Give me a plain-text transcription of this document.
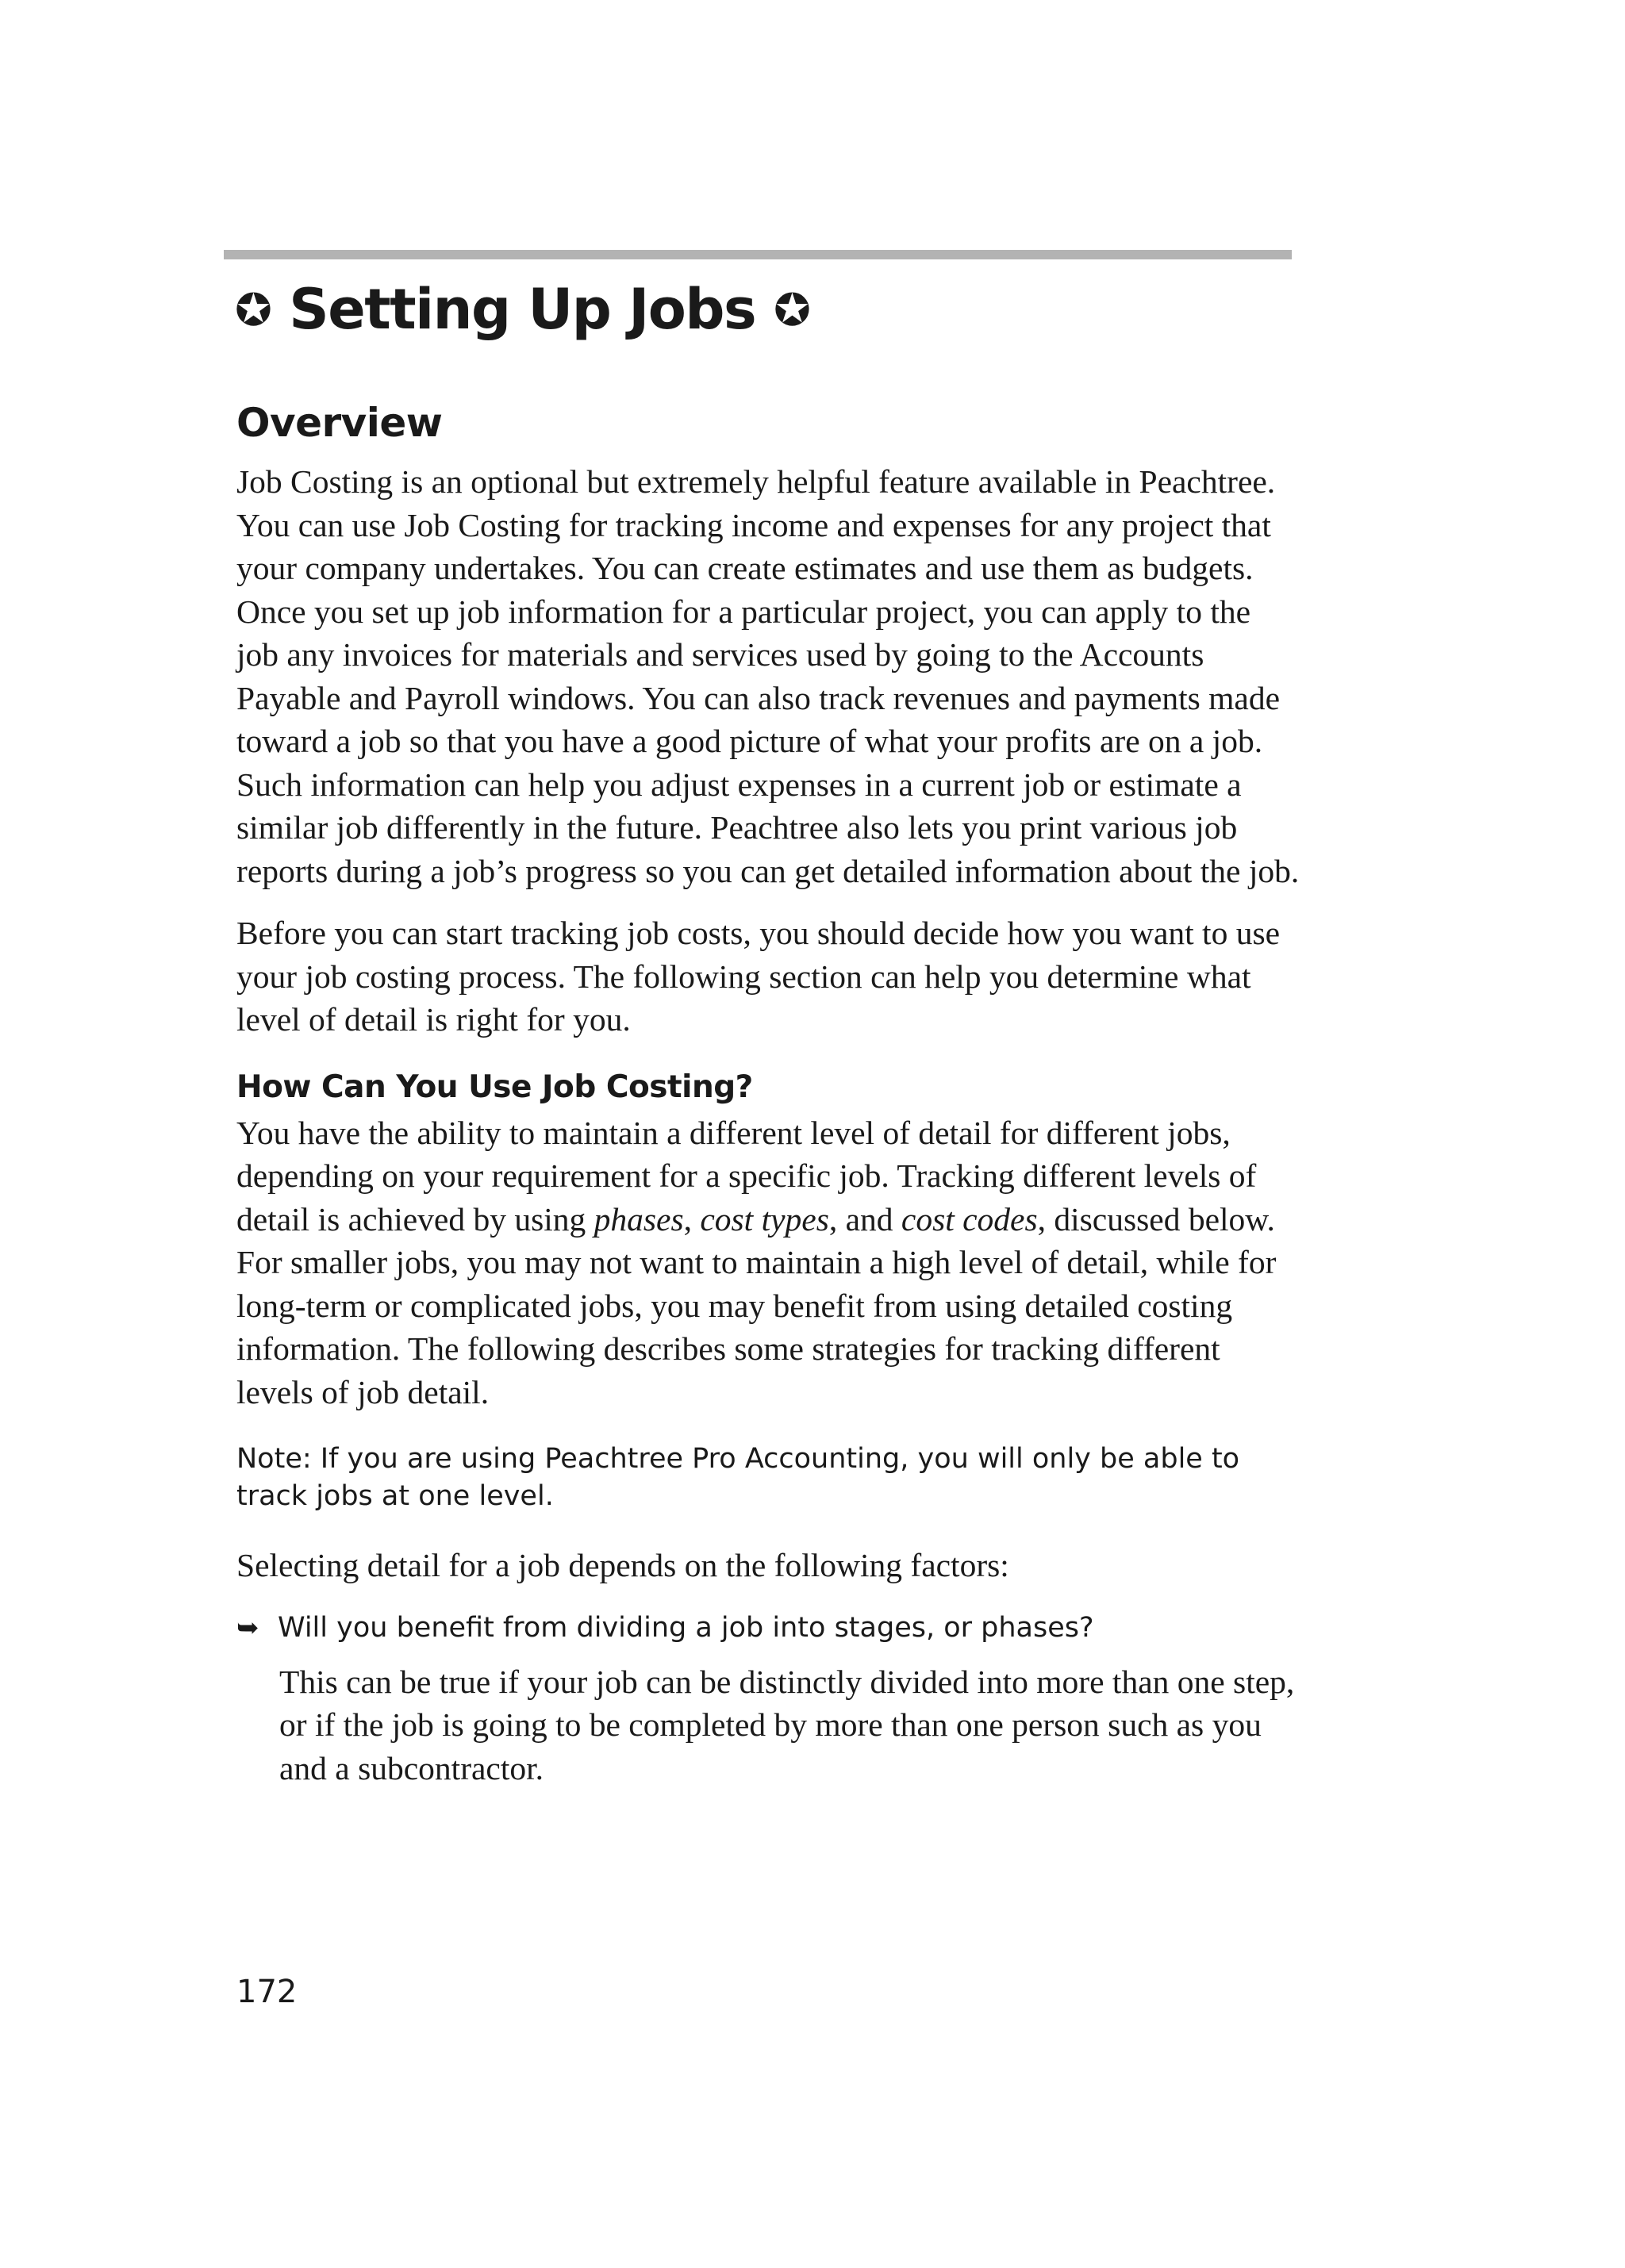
✪ Setting Up Jobs ✪
Overview

Job Costing is an optional but extremely helpful feature available in Peachtree. You can use Job Costing for tracking income and expenses for any project that your company undertakes. You can create estimates and use them as budgets. Once you set up job information for a particular project, you can apply to the job any invoices for materials and services used by going to the Accounts Payable and Payroll windows. You can also track revenues and payments made toward a job so that you have a good picture of what your profits are on a job. Such information can help you adjust expenses in a current job or estimate a similar job differently in the future. Peachtree also lets you print various job reports during a job’s progress so you can get detailed information about the job.

Before you can start tracking job costs, you should decide how you want to use your job costing process. The following section can help you determine what level of detail is right for you.

How Can You Use Job Costing?

You have the ability to maintain a different level of detail for different jobs, depending on your requirement for a specific job. Tracking different levels of detail is achieved by using phases, cost types, and cost codes, discussed below. For smaller jobs, you may not want to maintain a high level of detail, while for long-term or complicated jobs, you may benefit from using detailed costing information. The following describes some strategies for tracking different levels of job detail.

Note: If you are using Peachtree Pro Accounting, you will only be able to track jobs at one level.

Selecting detail for a job depends on the following factors:

➥ Will you benefit from dividing a job into stages, or phases?

This can be true if your job can be distinctly divided into more than one step, or if the job is going to be completed by more than one person such as you and a subcontractor.

172
